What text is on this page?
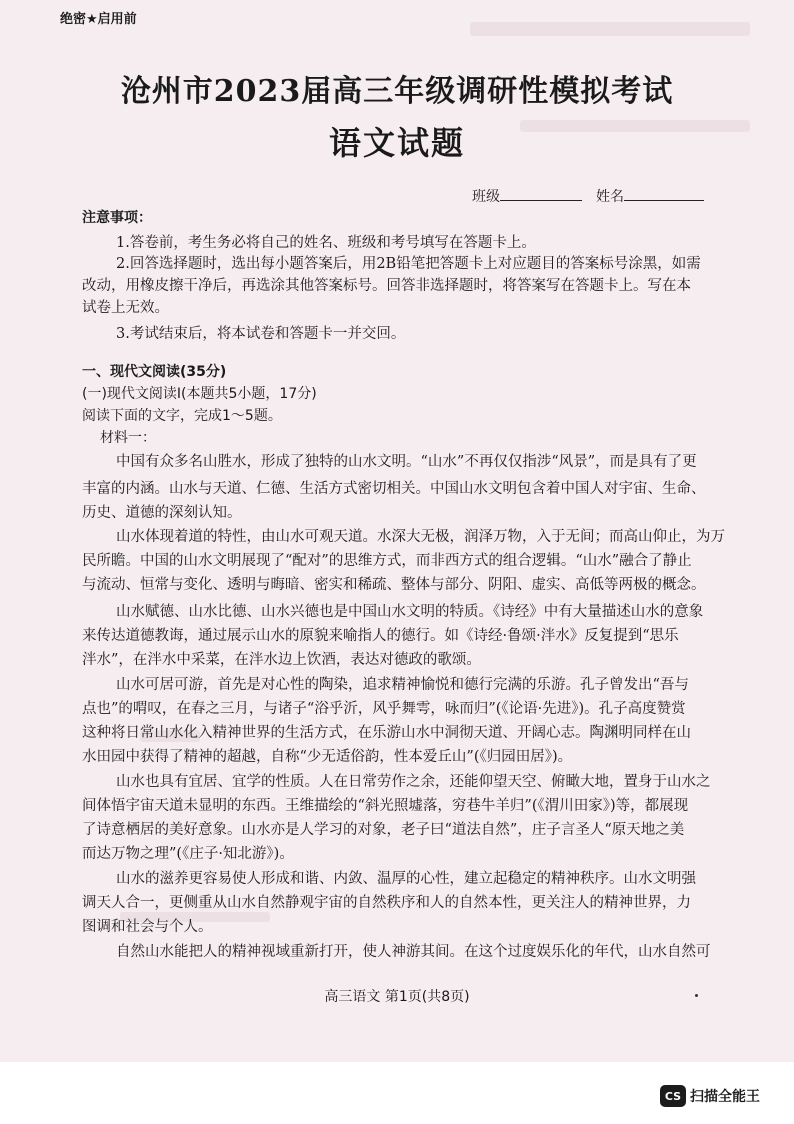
绝密★启用前
沧州市2023届高三年级调研性模拟考试
语文试题
班级	姓名
注意事项：
1.答卷前，考生务必将自己的姓名、班级和考号填写在答题卡上。
2.回答选择题时，选出每小题答案后，用2B铅笔把答题卡上对应题目的答案标号涂黑，如需
改动，用橡皮擦干净后，再选涂其他答案标号。回答非选择题时，将答案写在答题卡上。写在本
试卷上无效。
3.考试结束后，将本试卷和答题卡一并交回。
一、现代文阅读(35分)
(一)现代文阅读Ⅰ(本题共5小题，17分)
阅读下面的文字，完成1～5题。
材料一：
中国有众多名山胜水，形成了独特的山水文明。“山水”不再仅仅指涉“风景”，而是具有了更
丰富的内涵。山水与天道、仁德、生活方式密切相关。中国山水文明包含着中国人对宇宙、生命、
历史、道德的深刻认知。
山水体现着道的特性，由山水可观天道。水深大无极，润泽万物，入于无间；而高山仰止，为万
民所瞻。中国的山水文明展现了“配对”的思维方式，而非西方式的组合逻辑。“山水”融合了静止
与流动、恒常与变化、透明与晦暗、密实和稀疏、整体与部分、阴阳、虚实、高低等两极的概念。
山水赋德、山水比德、山水兴德也是中国山水文明的特质。《诗经》中有大量描述山水的意象
来传达道德教诲，通过展示山水的原貌来喻指人的德行。如《诗经·鲁颂·泮水》反复提到“思乐
泮水”，在泮水中采菜，在泮水边上饮酒，表达对德政的歌颂。
山水可居可游，首先是对心性的陶染，追求精神愉悦和德行完满的乐游。孔子曾发出“吾与
点也”的喟叹，在春之三月，与诸子“浴乎沂，风乎舞雩，咏而归”(《论语·先进》)。孔子高度赞赏
这种将日常山水化入精神世界的生活方式，在乐游山水中洞彻天道、开阔心志。陶渊明同样在山
水田园中获得了精神的超越，自称“少无适俗韵，性本爱丘山”(《归园田居》)。
山水也具有宜居、宜学的性质。人在日常劳作之余，还能仰望天空、俯瞰大地，置身于山水之
间体悟宇宙天道未显明的东西。王维描绘的“斜光照墟落，穷巷牛羊归”(《渭川田家》)等，都展现
了诗意栖居的美好意象。山水亦是人学习的对象，老子曰“道法自然”，庄子言圣人“原天地之美
而达万物之理”(《庄子·知北游》)。
山水的滋养更容易使人形成和谐、内敛、温厚的心性，建立起稳定的精神秩序。山水文明强
调天人合一，更侧重从山水自然静观宇宙的自然秩序和人的自然本性，更关注人的精神世界，力
图调和社会与个人。
自然山水能把人的精神视域重新打开，使人神游其间。在这个过度娱乐化的年代，山水自然可
高三语文 第1页(共8页)
CS 扫描全能王
